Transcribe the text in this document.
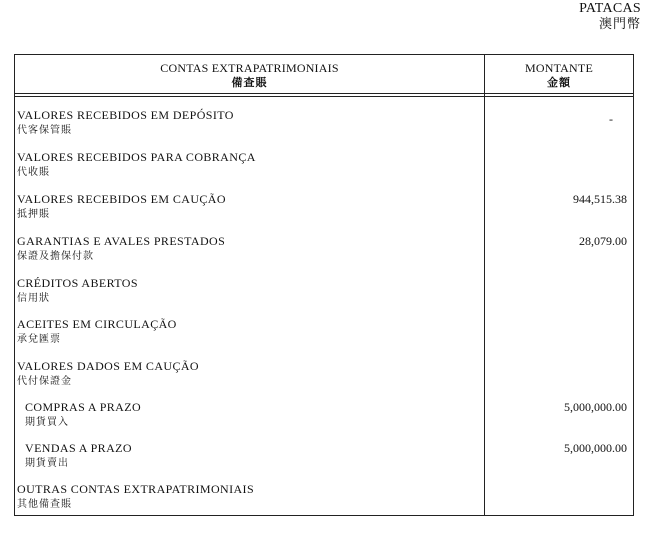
PATACAS
澳門幣
CONTAS EXTRAPATRIMONIAIS
備查賬
MONTANTE
金額
VALORES RECEBIDOS EM DEPÓSITO
代客保管賬
-
VALORES RECEBIDOS PARA COBRANÇA
代收賬
VALORES RECEBIDOS EM CAUÇÃO
抵押賬
944,515.38
GARANTIAS E AVALES PRESTADOS
保證及擔保付款
28,079.00
CRÉDITOS ABERTOS
信用狀
ACEITES EM CIRCULAÇÃO
承兌匯票
VALORES DADOS EM CAUÇÃO
代付保證金
COMPRAS A PRAZO
期貨買入
5,000,000.00
VENDAS A PRAZO
期貨賣出
5,000,000.00
OUTRAS CONTAS EXTRAPATRIMONIAIS
其他備查賬
